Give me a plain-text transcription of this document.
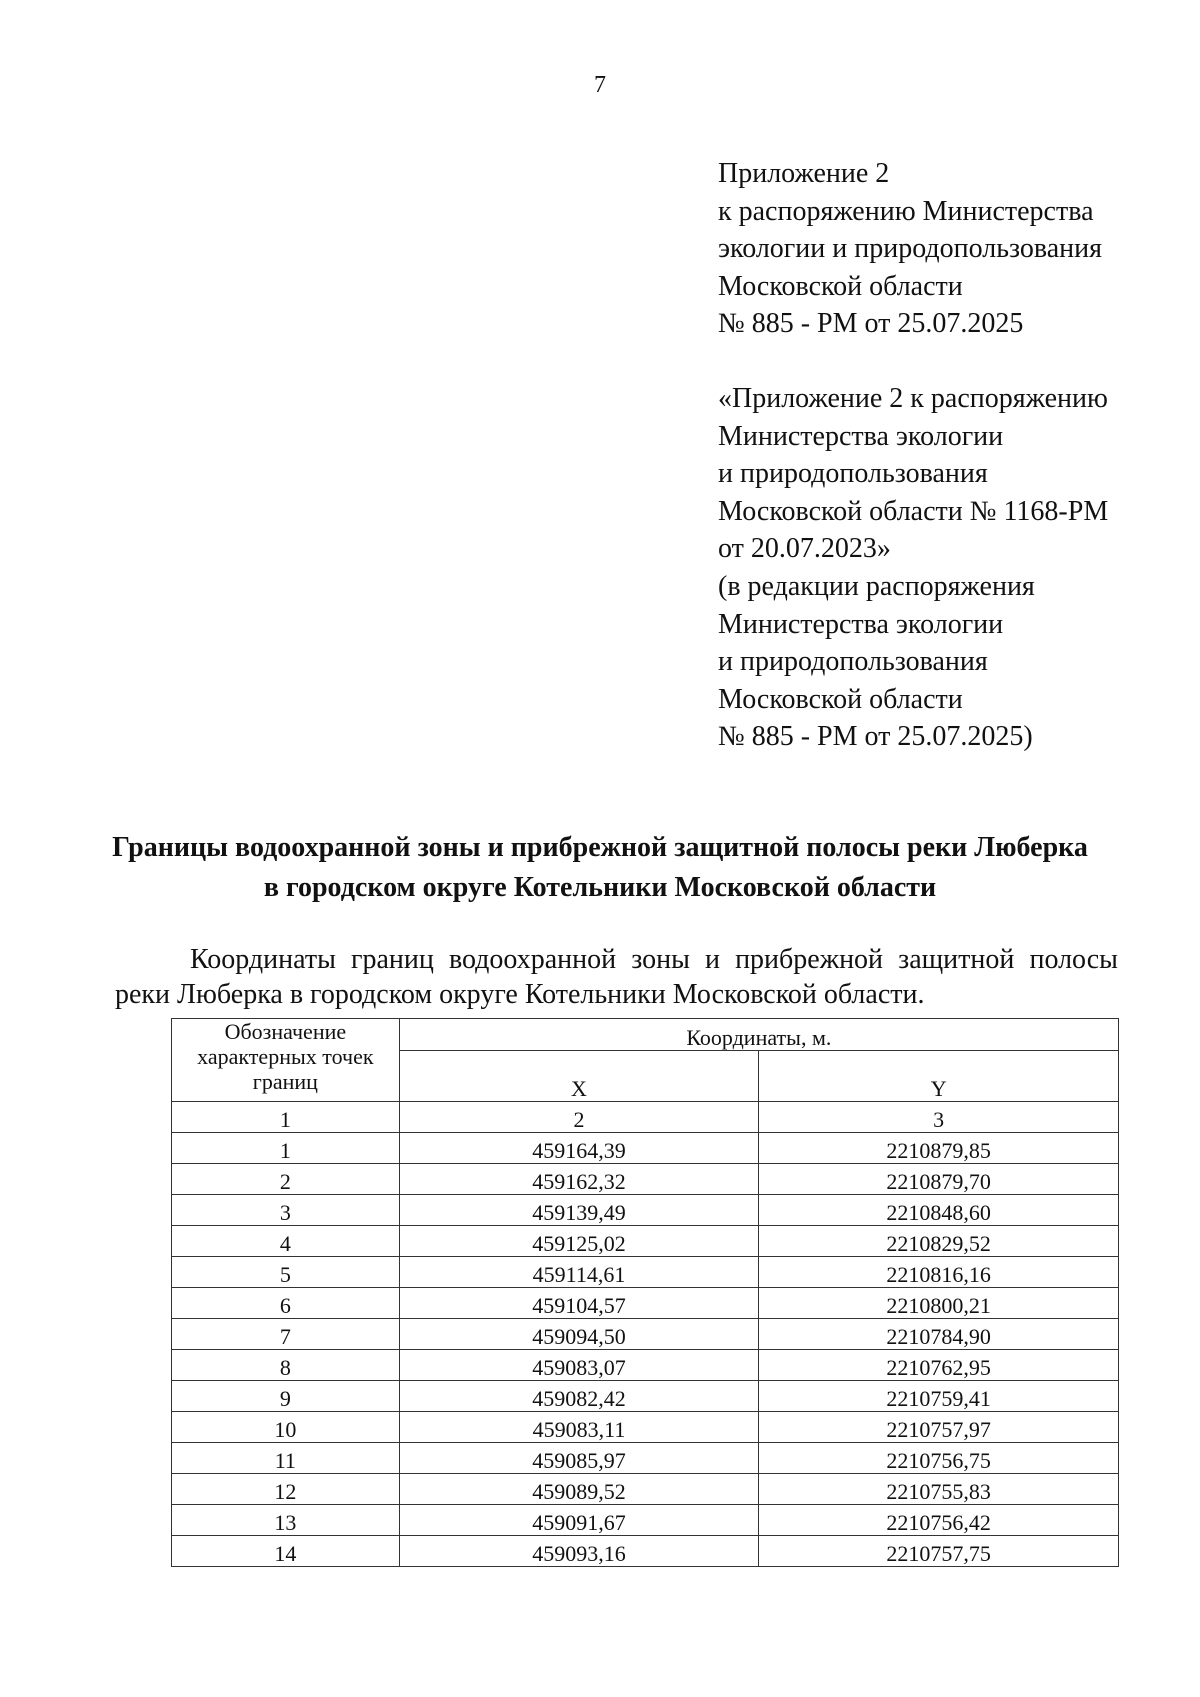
7
Приложение 2
к распоряжению Министерства
экологии и природопользования
Московской области
№ 885 - РМ от 25.07.2025
«Приложение 2 к распоряжению
Министерства экологии
и природопользования
Московской области № 1168-РМ
от 20.07.2023»
(в редакции распоряжения
Министерства экологии
и природопользования
Московской области
№ 885 - РМ от 25.07.2025)
Границы водоохранной зоны и прибрежной защитной полосы реки Люберка
в городском округе Котельники Московской области
Координаты границ водоохранной зоны и прибрежной защитной полосы реки Люберка в городском округе Котельники Московской области.
Обозначение характерных точек границ	Координаты, м.	
	X	Y
1	2	3
1	459164,39	2210879,85
2	459162,32	2210879,70
3	459139,49	2210848,60
4	459125,02	2210829,52
5	459114,61	2210816,16
6	459104,57	2210800,21
7	459094,50	2210784,90
8	459083,07	2210762,95
9	459082,42	2210759,41
10	459083,11	2210757,97
11	459085,97	2210756,75
12	459089,52	2210755,83
13	459091,67	2210756,42
14	459093,16	2210757,75
